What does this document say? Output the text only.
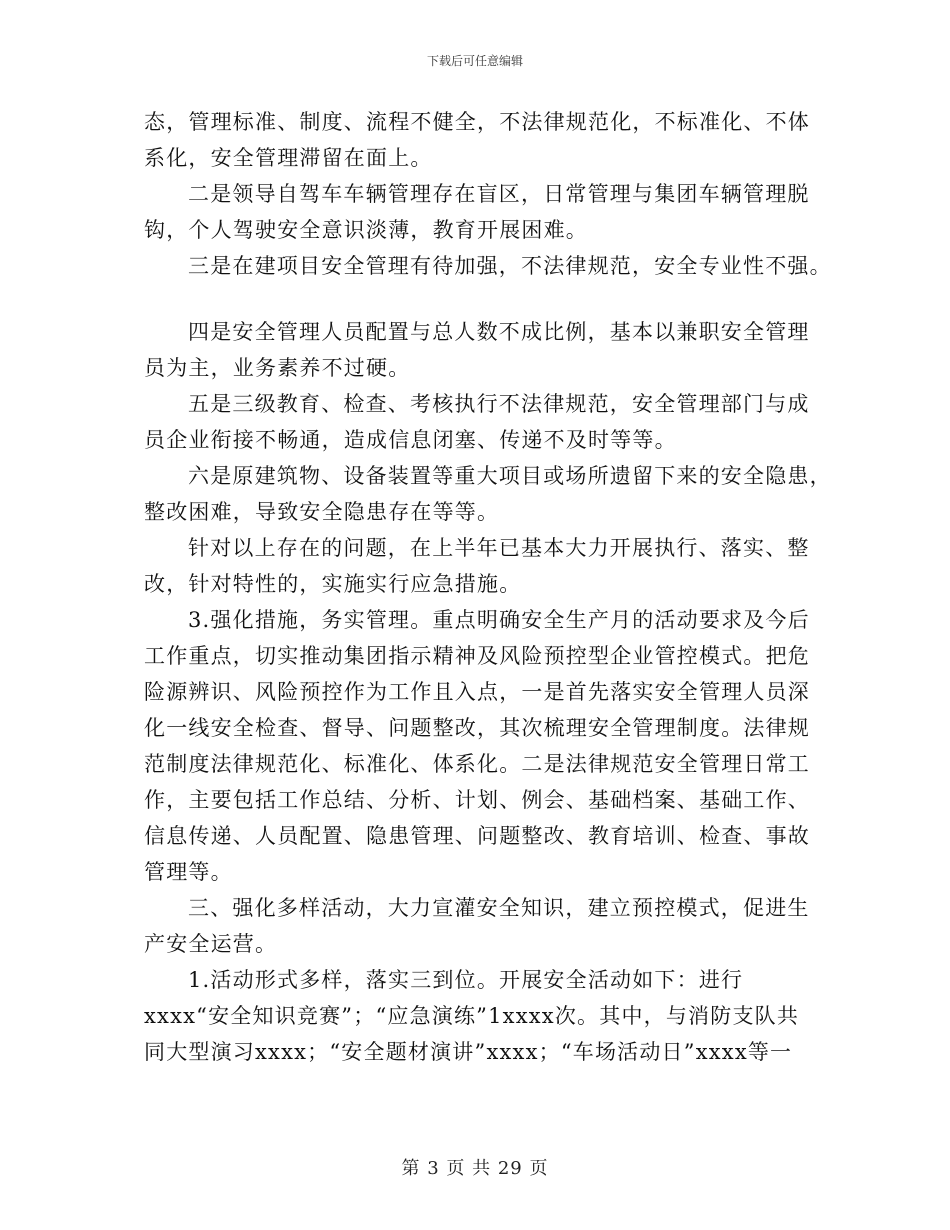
下载后可任意编辑
态，管理标准、制度、流程不健全，不法律规范化，不标准化、不体
系化，安全管理滞留在面上。
二是领导自驾车车辆管理存在盲区，日常管理与集团车辆管理脱
钩，个人驾驶安全意识淡薄，教育开展困难。
三是在建项目安全管理有待加强，不法律规范，安全专业性不强。
四是安全管理人员配置与总人数不成比例，基本以兼职安全管理
员为主，业务素养不过硬。
五是三级教育、检查、考核执行不法律规范，安全管理部门与成
员企业衔接不畅通，造成信息闭塞、传递不及时等等。
六是原建筑物、设备装置等重大项目或场所遗留下来的安全隐患，
整改困难，导致安全隐患存在等等。
针对以上存在的问题，在上半年已基本大力开展执行、落实、整
改，针对特性的，实施实行应急措施。
3.强化措施，务实管理。重点明确安全生产月的活动要求及今后
工作重点，切实推动集团指示精神及风险预控型企业管控模式。把危
险源辨识、风险预控作为工作且入点，一是首先落实安全管理人员深
化一线安全检查、督导、问题整改，其次梳理安全管理制度。法律规
范制度法律规范化、标准化、体系化。二是法律规范安全管理日常工
作，主要包括工作总结、分析、计划、例会、基础档案、基础工作、
信息传递、人员配置、隐患管理、问题整改、教育培训、检查、事故
管理等。
三、强化多样活动，大力宣灌安全知识，建立预控模式，促进生
产安全运营。
1.活动形式多样，落实三到位。开展安全活动如下：进行
xxxx“安全知识竞赛”；“应急演练”1xxxx次。其中，与消防支队共
同大型演习xxxx；“安全题材演讲”xxxx；“车场活动日”xxxx等一
第 3 页 共 29 页
